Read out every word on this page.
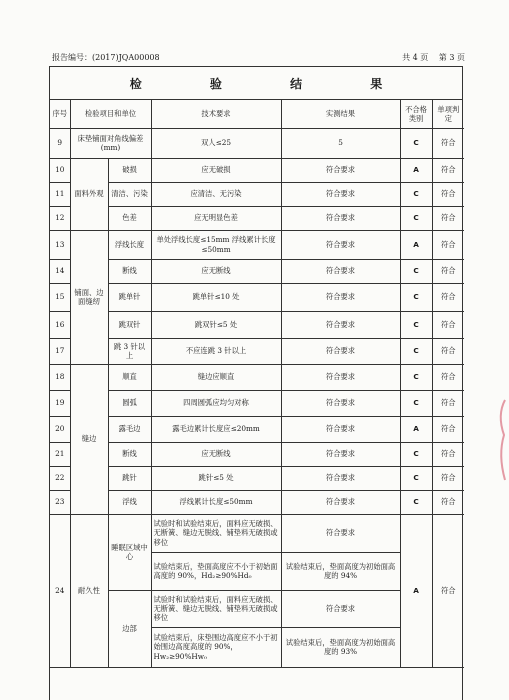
报告编号：(2017)JQA00008	共 4 页　 第 3 页
检 验 结 果
序号	检验项目和单位		技术要求	实测结果	不合格类别	单项判定
9	床垫铺面对角线偏差(mm)		双人≤25	5	C	符合
10	面料外观	破损	应无破损	符合要求	A	符合
11		清洁、污染	应清洁、无污染	符合要求	C	符合
12		色差	应无明显色差	符合要求	C	符合
13	铺面、边面缝纫	浮线长度	单处浮线长度≤15mm 浮线累计长度≤50mm	符合要求	A	符合
14		断线	应无断线	符合要求	C	符合
15		跳单针	跳单针≤10 处	符合要求	C	符合
16		跳双针	跳双针≤5 处	符合要求	C	符合
17		跳 3 针以上	不应连跳 3 针以上	符合要求	C	符合
18	缝边	顺直	缝边应顺直	符合要求	C	符合
19		圆弧	四周圆弧应均匀对称	符合要求	C	符合
20		露毛边	露毛边累计长度应≤20mm	符合要求	A	符合
21		断线	应无断线	符合要求	C	符合
22		跳针	跳针≤5 处	符合要求	C	符合
23		浮线	浮线累计长度≤50mm	符合要求	C	符合
24	耐久性	睡眠区域中心	试验时和试验结束后，面料应无破损、无断簧、缝边无脱线、铺垫料无破损或移位	符合要求	A	符合
			试验结束后，垫面高度应不小于初始面高度的 90%，Hd₂≥90%Hd₀	试验结束后，垫面高度为初始面高度的 94%		
		边部	试验时和试验结束后，面料应无破损、无断簧、缝边无脱线、铺垫料无破损或移位	符合要求		
			试验结束后，床垫围边高度应不小于初始围边高度高度的 90%，Hw₂≥90%Hw₀	试验结束后，垫面高度为初始面高度的 93%		
